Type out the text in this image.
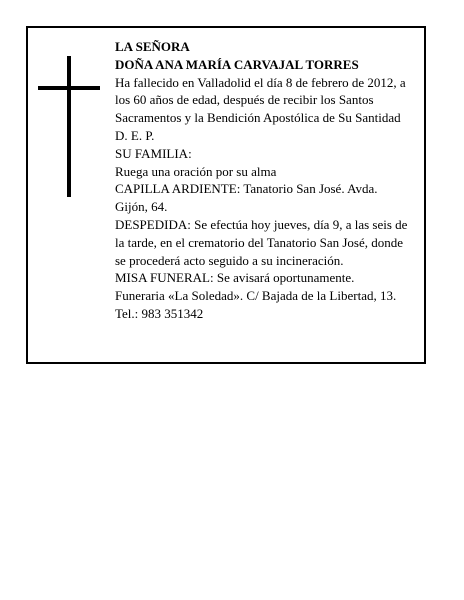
LA SEÑORA
DOÑA ANA MARÍA CARVAJAL TORRES
Ha fallecido en Valladolid el día 8 de febrero de 2012, a
los 60 años de edad, después de recibir los Santos
Sacramentos y la Bendición Apostólica de Su Santidad
D. E. P.
SU FAMILIA:
Ruega una oración por su alma
CAPILLA ARDIENTE: Tanatorio San José. Avda.
Gijón, 64.
DESPEDIDA: Se efectúa hoy jueves, día 9, a las seis de
la tarde, en el crematorio del Tanatorio San José, donde
se procederá acto seguido a su incineración.
MISA FUNERAL: Se avisará oportunamente.
Funeraria «La Soledad». C/ Bajada de la Libertad, 13.
Tel.: 983 351342
